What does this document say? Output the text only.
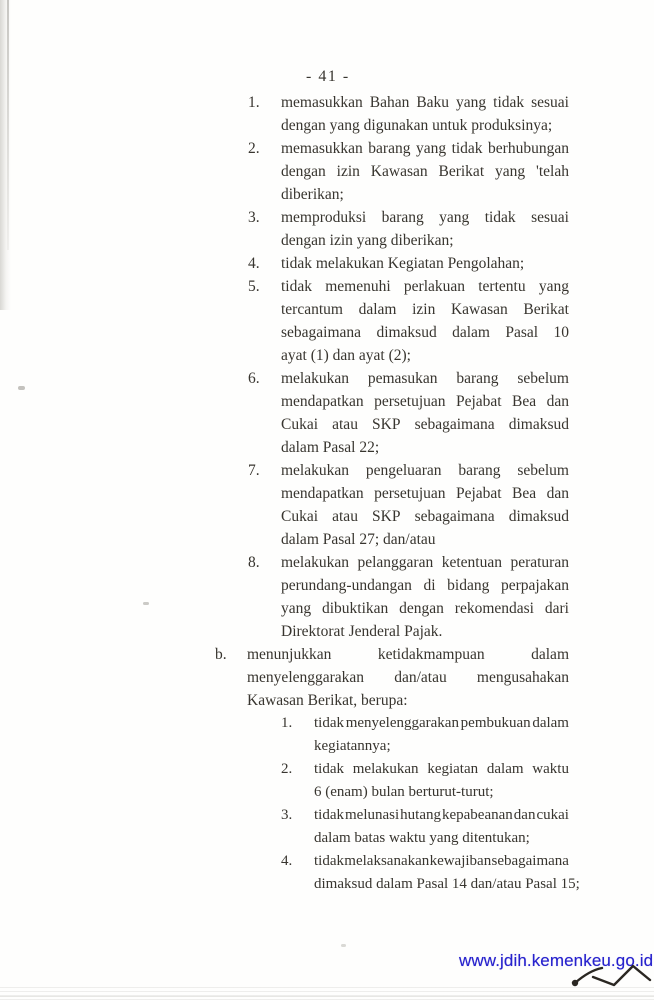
- 41 -
1.	memasukkan Bahan Baku yang tidak sesuai
dengan yang digunakan untuk produksinya;
2.	memasukkan barang yang tidak berhubungan
dengan izin Kawasan Berikat yang 'telah
diberikan;
3.	memproduksi barang yang tidak sesuai
dengan izin yang diberikan;
4.	tidak melakukan Kegiatan Pengolahan;
5.	tidak memenuhi perlakuan tertentu yang
tercantum dalam izin Kawasan Berikat
sebagaimana dimaksud dalam Pasal 10
ayat (1) dan ayat (2);
6.	melakukan pemasukan barang sebelum
mendapatkan persetujuan Pejabat Bea dan
Cukai atau SKP sebagaimana dimaksud
dalam Pasal 22;
7.	melakukan pengeluaran barang sebelum
mendapatkan persetujuan Pejabat Bea dan
Cukai atau SKP sebagaimana dimaksud
dalam Pasal 27; dan/atau
8.	melakukan pelanggaran ketentuan peraturan
perundang-undangan di bidang perpajakan
yang dibuktikan dengan rekomendasi dari
Direktorat Jenderal Pajak.
b.	menunjukkan	ketidakmampuan	dalam
menyelenggarakan dan/atau mengusahakan
Kawasan Berikat, berupa:
1.	tidak menyelenggarakan pembukuan dalam
kegiatannya;
2.	tidak melakukan kegiatan dalam waktu
6 (enam) bulan berturut-turut;
3.	tidak melunasi hutang kepabeanan dan cukai
dalam batas waktu yang ditentukan;
4.	tidak melaksanakan kewajiban sebagaimana
dimaksud dalam Pasal 14 dan/atau Pasal 15;
www.jdih.kemenkeu.go.id
